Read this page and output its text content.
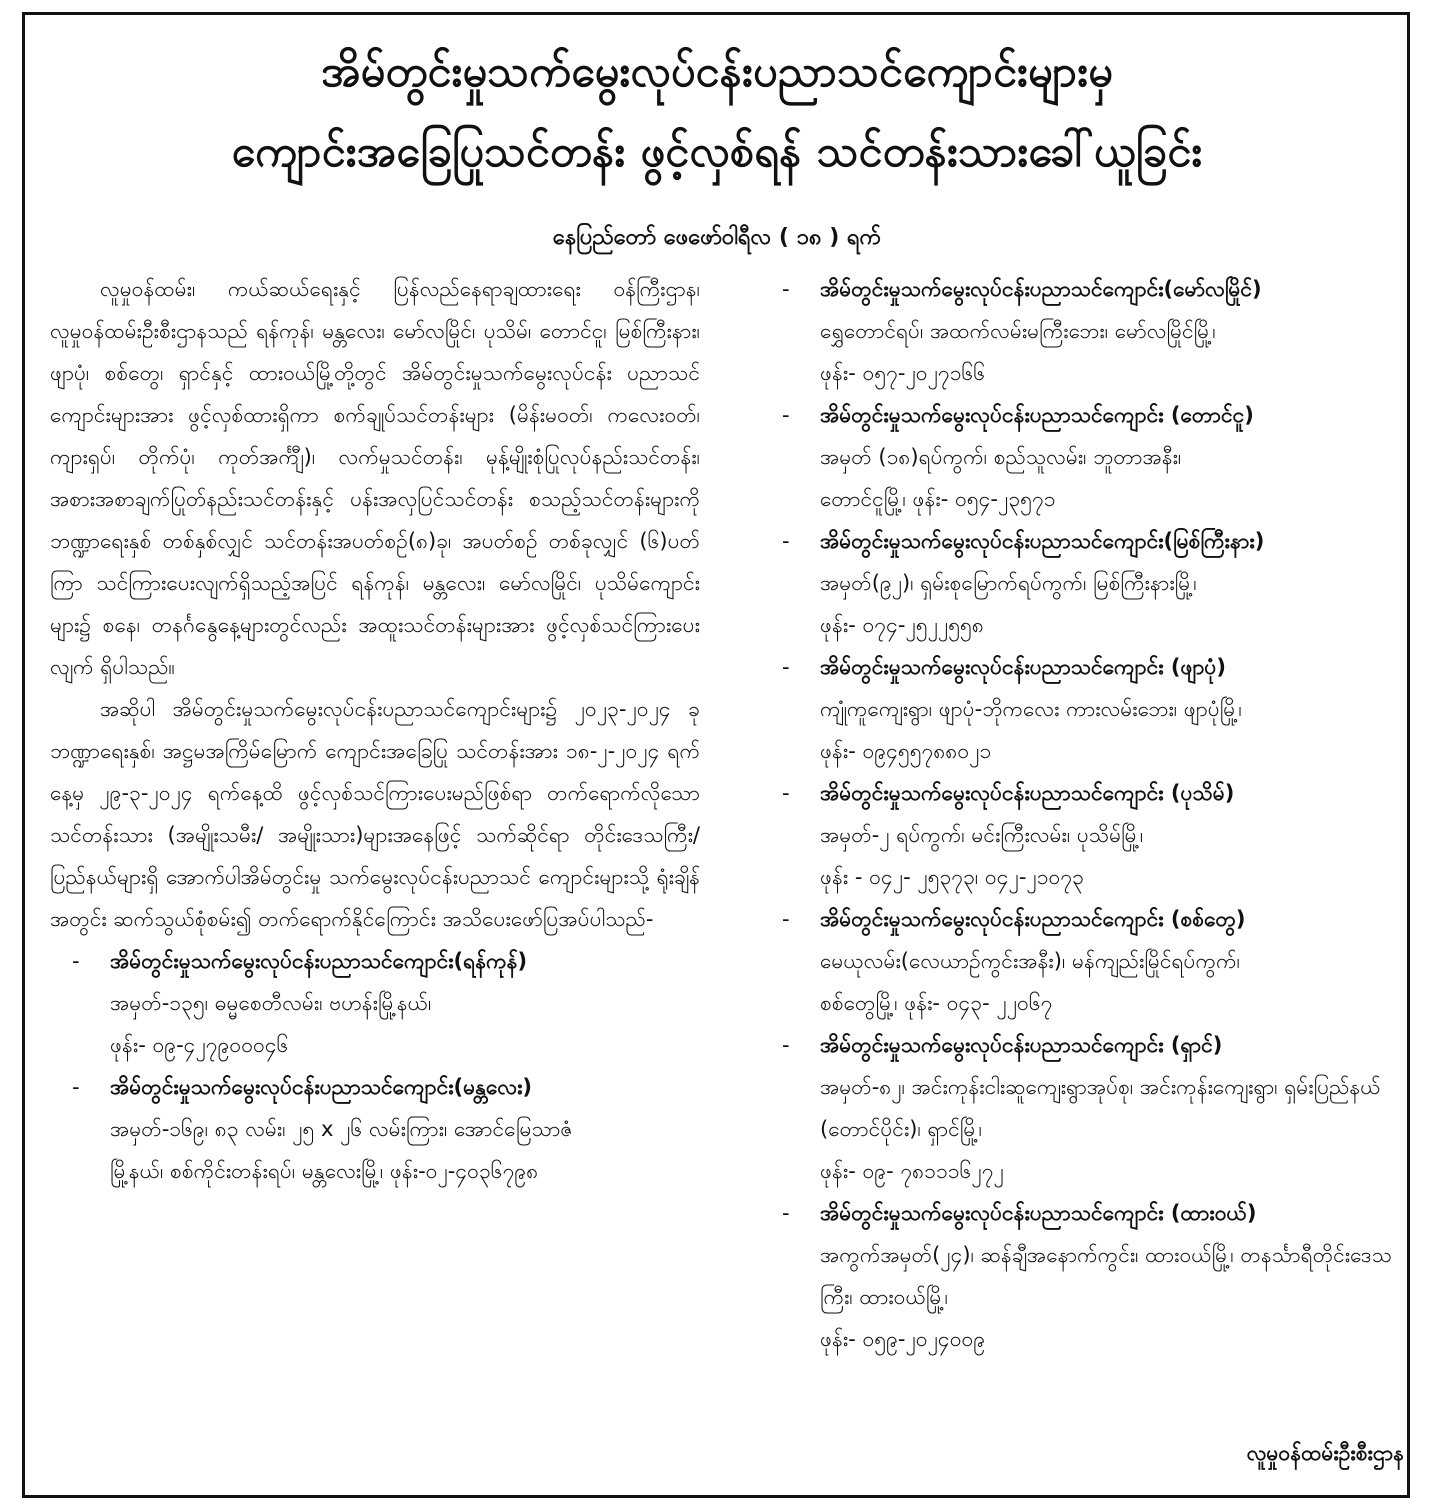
အိမ်တွင်းမှုသက်မွေးလုပ်ငန်းပညာသင်ကျောင်းများမှ
ကျောင်းအခြေပြုသင်တန်း ဖွင့်လှစ်ရန် သင်တန်းသားခေါ်ယူခြင်း
နေပြည်တော် ဖေဖော်ဝါရီလ ( ၁၈ ) ရက်

လူမှုဝန်ထမ်း၊ ကယ်ဆယ်ရေးနှင့် ပြန်လည်နေရာချထားရေး ဝန်ကြီးဌာန၊ လူမှုဝန်ထမ်းဦးစီးဌာနသည် ရန်ကုန်၊ မန္တလေး၊ မော်လမြိုင်၊ ပုသိမ်၊ တောင်ငူ၊ မြစ်ကြီးနား၊ ဖျာပုံ၊ စစ်တွေ၊ ရှာင်နှင့် ထားဝယ်မြို့တို့တွင် အိမ်တွင်းမှုသက်မွေးလုပ်ငန်း ပညာသင်ကျောင်းများအား ဖွင့်လှစ်ထားရှိကာ စက်ချုပ်သင်တန်းများ (မိန်းမဝတ်၊ ကလေးဝတ်၊ ကျားရှပ်၊ တိုက်ပုံ၊ ကုတ်အင်္ကျီ)၊ လက်မှုသင်တန်း၊ မုန့်မျိုးစုံပြုလုပ်နည်းသင်တန်း၊ အစားအစာချက်ပြုတ်နည်းသင်တန်းနှင့် ပန်းအလှပြင်သင်တန်း စသည့်သင်တန်းများကို ဘဏ္ဍာရေးနှစ် တစ်နှစ်လျှင် သင်တန်းအပတ်စဉ်(၈)ခု၊ အပတ်စဉ် တစ်ခုလျှင် (၆)ပတ်ကြာ သင်ကြားပေးလျက်ရှိသည့်အပြင် ရန်ကုန်၊ မန္တလေး၊ မော်လမြိုင်၊ ပုသိမ်ကျောင်းများ၌ စနေ၊ တနင်္ဂနွေနေ့များတွင်လည်း အထူးသင်တန်းများအား ဖွင့်လှစ်သင်ကြားပေးလျက် ရှိပါသည်။

အဆိုပါ အိမ်တွင်းမှုသက်မွေးလုပ်ငန်းပညာသင်ကျောင်းများ၌ ၂၀၂၃-၂၀၂၄ ခု ဘဏ္ဍာရေးနှစ်၊ အဋ္ဌမအကြိမ်မြောက် ကျောင်းအခြေပြု သင်တန်းအား ၁၈-၂-၂၀၂၄ ရက်နေ့မှ ၂၉-၃-၂၀၂၄ ရက်နေ့ထိ ဖွင့်လှစ်သင်ကြားပေးမည်ဖြစ်ရာ တက်ရောက်လိုသော သင်တန်းသား (အမျိုးသမီး/ အမျိုးသား)များအနေဖြင့် သက်ဆိုင်ရာ တိုင်းဒေသကြီး/ ပြည်နယ်များရှိ အောက်ပါအိမ်တွင်းမှု သက်မွေးလုပ်ငန်းပညာသင် ကျောင်းများသို့ ရုံးချိန်အတွင်း ဆက်သွယ်စုံစမ်း၍ တက်ရောက်နိုင်ကြောင်း အသိပေးဖော်ပြအပ်ပါသည်-

- အိမ်တွင်းမှုသက်မွေးလုပ်ငန်းပညာသင်ကျောင်း(ရန်ကုန်)
အမှတ်-၁၃၅၊ ဓမ္မစေတီလမ်း၊ ဗဟန်းမြို့နယ်၊
ဖုန်း- ၀၉-၄၂၇၉၀၀၀၄၆
- အိမ်တွင်းမှုသက်မွေးလုပ်ငန်းပညာသင်ကျောင်း(မန္တလေး)
အမှတ်-၁၆၉၊ ၈၃ လမ်း၊ ၂၅ x ၂၆ လမ်းကြား၊ အောင်မြေသာဇံ
မြို့နယ်၊ စစ်ကိုင်းတန်းရပ်၊ မန္တလေးမြို့၊ ဖုန်း-၀၂-၄၀၃၆၇၉၈
- အိမ်တွင်းမှုသက်မွေးလုပ်ငန်းပညာသင်ကျောင်း(မော်လမြိုင်)
ရွှေတောင်ရပ်၊ အထက်လမ်းမကြီးဘေး၊ မော်လမြိုင်မြို့၊
ဖုန်း- ၀၅၇-၂၀၂၇၁၆၆
- အိမ်တွင်းမှုသက်မွေးလုပ်ငန်းပညာသင်ကျောင်း (တောင်ငူ)
အမှတ် (၁၈)ရပ်ကွက်၊ စည်သူလမ်း၊ ဘူတာအနီး၊
တောင်ငူမြို့၊ ဖုန်း- ၀၅၄-၂၃၅၇၁
- အိမ်တွင်းမှုသက်မွေးလုပ်ငန်းပညာသင်ကျောင်း(မြစ်ကြီးနား)
အမှတ်(၉၂)၊ ရှမ်းစုမြောက်ရပ်ကွက်၊ မြစ်ကြီးနားမြို့၊
ဖုန်း- ၀၇၄-၂၅၂၂၅၅၈
- အိမ်တွင်းမှုသက်မွေးလုပ်ငန်းပညာသင်ကျောင်း (ဖျာပုံ)
ကျုံကူကျေးရွာ၊ ဖျာပုံ-ဘိုကလေး ကားလမ်းဘေး၊ ဖျာပုံမြို့၊
ဖုန်း- ၀၉၄၅၅၇၈၈၀၂၁
- အိမ်တွင်းမှုသက်မွေးလုပ်ငန်းပညာသင်ကျောင်း (ပုသိမ်)
အမှတ်-၂ ရပ်ကွက်၊ မင်းကြီးလမ်း၊ ပုသိမ်မြို့၊
ဖုန်း - ၀၄၂- ၂၅၃၇၃၊ ၀၄၂-၂၁၀၇၃
- အိမ်တွင်းမှုသက်မွေးလုပ်ငန်းပညာသင်ကျောင်း (စစ်တွေ)
မေယုလမ်း(လေယာဉ်ကွင်းအနီး)၊ မန်ကျည်းမြိုင်ရပ်ကွက်၊
စစ်တွေမြို့၊ ဖုန်း- ၀၄၃- ၂၂၀၆၇
- အိမ်တွင်းမှုသက်မွေးလုပ်ငန်းပညာသင်ကျောင်း (ရှာင်)
အမှတ်-၈၂၊ အင်းကုန်းငါးဆူကျေးရွာအုပ်စု၊ အင်းကုန်းကျေးရွာ၊ ရှမ်းပြည်နယ် (တောင်ပိုင်း)၊ ရှာင်မြို့၊
ဖုန်း- ၀၉- ၇၈၁၁၁၆၂၇၂
- အိမ်တွင်းမှုသက်မွေးလုပ်ငန်းပညာသင်ကျောင်း (ထားဝယ်)
အကွက်အမှတ်(၂၄)၊ ဆန်ချီအနောက်ကွင်း၊ ထားဝယ်မြို့၊ တနင်္သာရီတိုင်းဒေသကြီး၊ ထားဝယ်မြို့၊
ဖုန်း- ၀၅၉-၂၀၂၄၀၀၉
လူမှုဝန်ထမ်းဦးစီးဌာန
